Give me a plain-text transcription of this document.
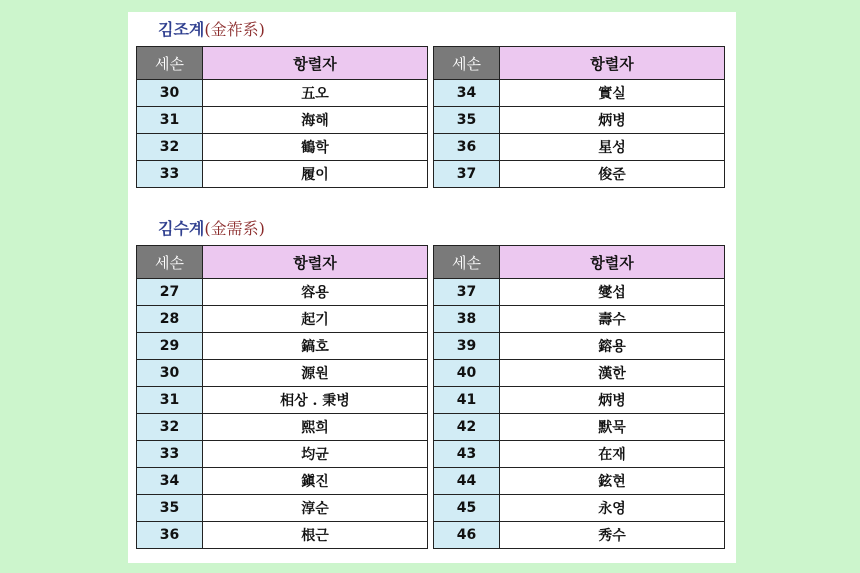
김조계(金祚系)
세손	항렬자
30	五오
31	海해
32	鶴학
33	履이
세손	항렬자
34	實실
35	炳병
36	星성
37	俊준
김수계(金需系)
세손	항렬자
27	容용
28	起기
29	鎬호
30	源원
31	相상 . 秉병
32	熙희
33	均균
34	鎭진
35	淳순
36	根근
세손	항렬자
37	燮섭
38	壽수
39	鎔용
40	漢한
41	炳병
42	默묵
43	在재
44	鉉현
45	永영
46	秀수
